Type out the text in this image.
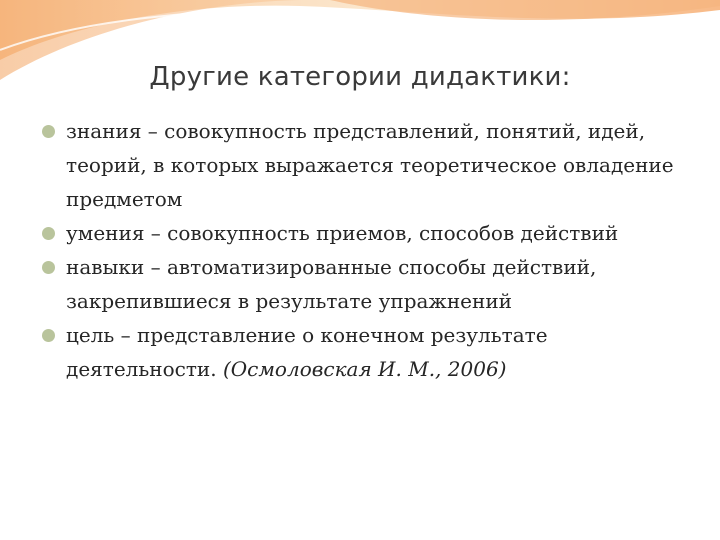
Другие категории дидактики:
знания – совокупность представлений, понятий, идей, теорий, в которых выражается теоретическое овладение предметом
умения – совокупность приемов, способов действий
навыки – автоматизированные способы действий, закрепившиеся в результате упражнений
цель – представление о конечном результате деятельности. (Осмоловская И. М., 2006)
